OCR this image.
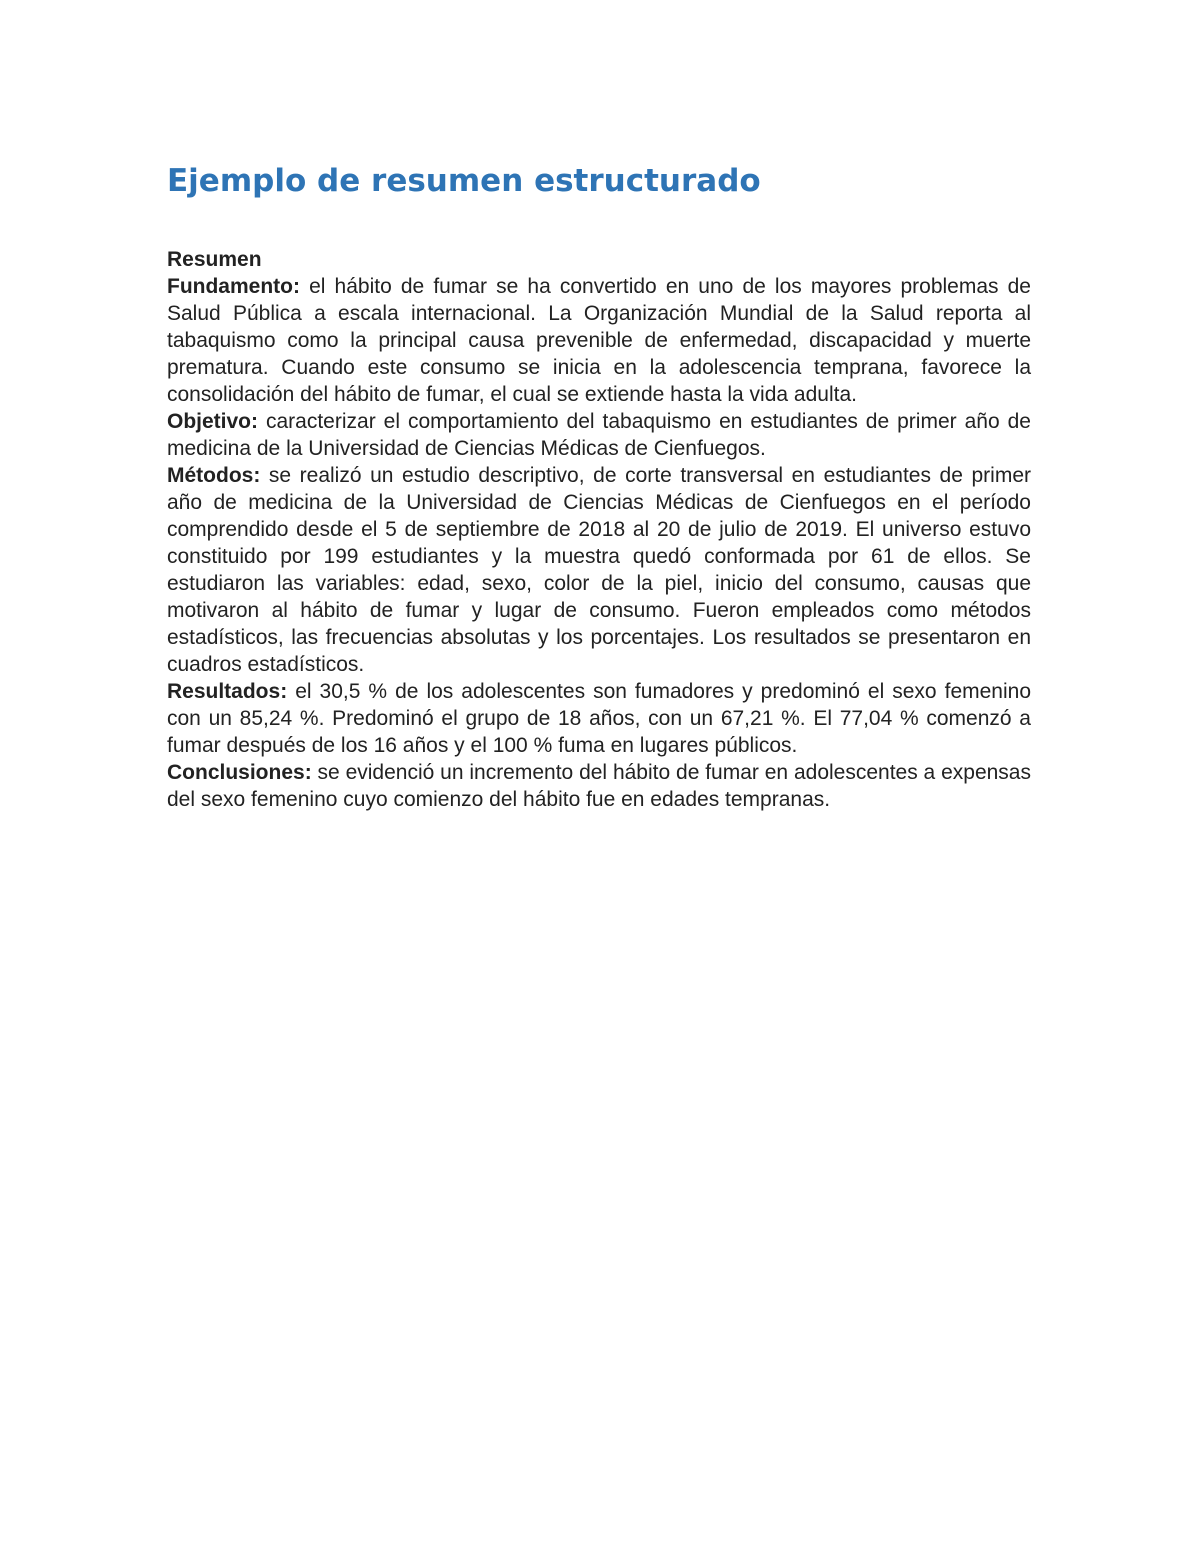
Ejemplo de resumen estructurado

Resumen

Fundamento: el hábito de fumar se ha convertido en uno de los mayores problemas de Salud Pública a escala internacional. La Organización Mundial de la Salud reporta al tabaquismo como la principal causa prevenible de enfermedad, discapacidad y muerte prematura. Cuando este consumo se inicia en la adolescencia temprana, favorece la consolidación del hábito de fumar, el cual se extiende hasta la vida adulta.

Objetivo: caracterizar el comportamiento del tabaquismo en estudiantes de primer año de medicina de la Universidad de Ciencias Médicas de Cienfuegos.

Métodos: se realizó un estudio descriptivo, de corte transversal en estudiantes de primer año de medicina de la Universidad de Ciencias Médicas de Cienfuegos en el período comprendido desde el 5 de septiembre de 2018 al 20 de julio de 2019. El universo estuvo constituido por 199 estudiantes y la muestra quedó conformada por 61 de ellos. Se estudiaron las variables: edad, sexo, color de la piel, inicio del consumo, causas que motivaron al hábito de fumar y lugar de consumo. Fueron empleados como métodos estadísticos, las frecuencias absolutas y los porcentajes. Los resultados se presentaron en cuadros estadísticos.

Resultados: el 30,5 % de los adolescentes son fumadores y predominó el sexo femenino con un 85,24 %. Predominó el grupo de 18 años, con un 67,21 %. El 77,04 % comenzó a fumar después de los 16 años y el 100 % fuma en lugares públicos.

Conclusiones: se evidenció un incremento del hábito de fumar en adolescentes a expensas del sexo femenino cuyo comienzo del hábito fue en edades tempranas.
